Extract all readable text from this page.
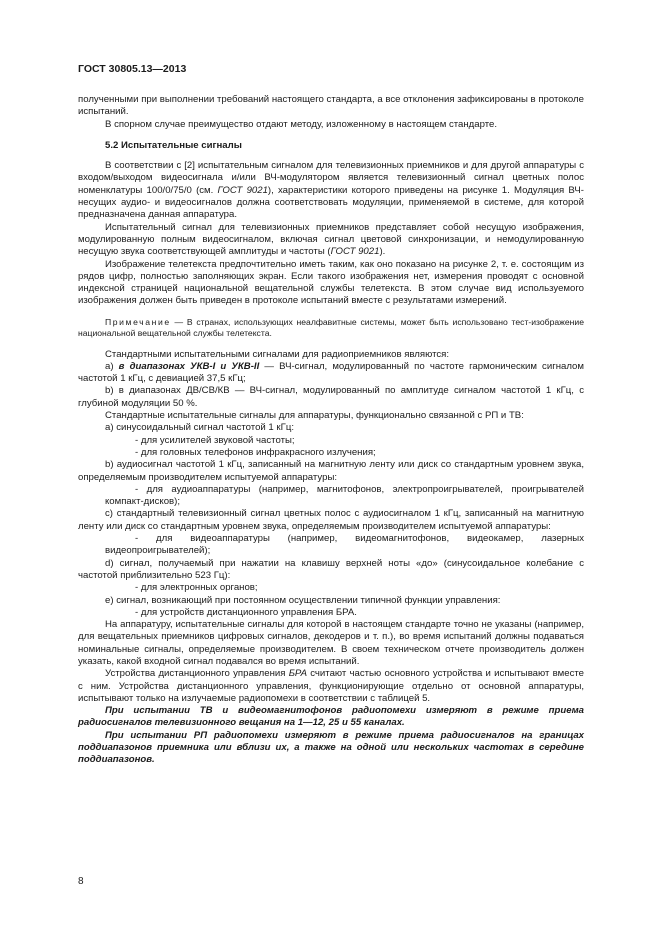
ГОСТ 30805.13—2013

полученными при выполнении требований настоящего стандарта, а все отклонения зафиксированы в протоколе испытаний.

В спорном случае преимущество отдают методу, изложенному в настоящем стандарте.

5.2 Испытательные сигналы

В соответствии с [2] испытательным сигналом для телевизионных приемников и для другой аппаратуры с входом/выходом видеосигнала и/или ВЧ-модулятором является телевизионный сигнал цветных полос номенклатуры 100/0/75/0 (см. ГОСТ 9021), характеристики которого приведены на рисунке 1. Модуляция ВЧ-несущих аудио- и видеосигналов должна соответствовать модуляции, применяемой в системе, для которой предназначена данная аппаратура.

Испытательный сигнал для телевизионных приемников представляет собой несущую изображения, модулированную полным видеосигналом, включая сигнал цветовой синхронизации, и немодулированную несущую звука соответствующей амплитуды и частоты (ГОСТ 9021).

Изображение телетекста предпочтительно иметь таким, как оно показано на рисунке 2, т. е. состоящим из рядов цифр, полностью заполняющих экран. Если такого изображения нет, измерения проводят с основной индексной страницей национальной вещательной службы телетекста. В этом случае вид используемого изображения должен быть приведен в протоколе испытаний вместе с результатами измерений.

Примечание — В странах, использующих неалфавитные системы, может быть использовано тест-изображение национальной вещательной службы телетекста.

Стандартными испытательными сигналами для радиоприемников являются:

а) в диапазонах УКВ-I и УКВ-II — ВЧ-сигнал, модулированный по частоте гармоническим сигналом частотой 1 кГц, с девиацией 37,5 кГц;

b) в диапазонах ДВ/СВ/КВ — ВЧ-сигнал, модулированный по амплитуде сигналом частотой 1 кГц, с глубиной модуляции 50 %.

Стандартные испытательные сигналы для аппаратуры, функционально связанной с РП и ТВ:

а) синусоидальный сигнал частотой 1 кГц:

- для усилителей звуковой частоты;

- для головных телефонов инфракрасного излучения;

b) аудиосигнал частотой 1 кГц, записанный на магнитную ленту или диск со стандартным уровнем звука, определяемым производителем испытуемой аппаратуры:

- для аудиоаппаратуры (например, магнитофонов, электропроигрывателей, проигрывателей компакт-дисков);

c) стандартный телевизионный сигнал цветных полос с аудиосигналом 1 кГц, записанный на магнитную ленту или диск со стандартным уровнем звука, определяемым производителем испытуемой аппаратуры:

- для видеоаппаратуры (например, видеомагнитофонов, видеокамер, лазерных видеопроигрывателей);

d) сигнал, получаемый при нажатии на клавишу верхней ноты «до» (синусоидальное колебание с частотой приблизительно 523 Гц):

- для электронных органов;

e) сигнал, возникающий при постоянном осуществлении типичной функции управления:

- для устройств дистанционного управления БРА.

На аппаратуру, испытательные сигналы для которой в настоящем стандарте точно не указаны (например, для вещательных приемников цифровых сигналов, декодеров и т. п.), во время испытаний должны подаваться номинальные сигналы, определяемые производителем. В своем техническом отчете производитель должен указать, какой входной сигнал подавался во время испытаний.

Устройства дистанционного управления БРА считают частью основного устройства и испытывают вместе с ним. Устройства дистанционного управления, функционирующие отдельно от основной аппаратуры, испытывают только на излучаемые радиопомехи в соответствии с таблицей 5.

При испытании ТВ и видеомагнитофонов радиопомехи измеряют в режиме приема радиосигналов телевизионного вещания на 1—12, 25 и 55 каналах.

При испытании РП радиопомехи измеряют в режиме приема радиосигналов на границах поддиапазонов приемника или вблизи их, а также на одной или нескольких частотах в середине поддиапазонов.

8
